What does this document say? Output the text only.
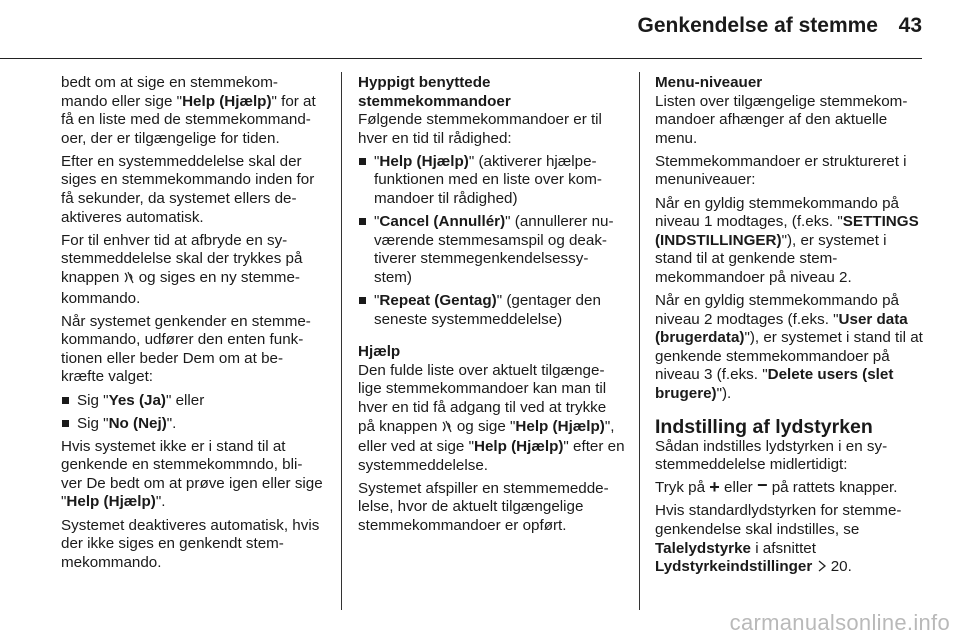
Genkendelse af stemme 43

bedt om at sige en stemmekom-mando eller sige "Help (Hjælp)" for at få en liste med de stemmekommand-oer, der er tilgængelige for tiden.

Efter en systemmeddelelse skal der siges en stemmekommando inden for få sekunder, da systemet ellers de-aktiveres automatisk.

For til enhver tid at afbryde en sy-stemmeddelelse skal der trykkes på knappen  og siges en ny stemme-kommando.

Når systemet genkender en stemme-kommando, udfører den enten funk-tionen eller beder Dem om at be-kræfte valget:

Sig "Yes (Ja)" eller
Sig "No (Nej)".

Hvis systemet ikke er i stand til at genkende en stemmekommndo, bli-ver De bedt om at prøve igen eller sige "Help (Hjælp)".

Systemet deaktiveres automatisk, hvis der ikke siges en genkendt stem-mekommando.

Hyppigt benyttede stemmekommandoer

Følgende stemmekommandoer er til hver en tid til rådighed:

"Help (Hjælp)" (aktiverer hjælpe-funktionen med en liste over kom-mandoer til rådighed)
"Cancel (Annullér)" (annullerer nu-værende stemmesamspil og deak-tiverer stemmegenkendelsessy-stem)
"Repeat (Gentag)" (gentager den seneste systemmeddelelse)

Hjælp

Den fulde liste over aktuelt tilgænge-lige stemmekommandoer kan man til hver en tid få adgang til ved at trykke på knappen  og sige "Help (Hjælp)", eller ved at sige "Help (Hjælp)" efter en systemmeddelelse.

Systemet afspiller en stemmemedde-lelse, hvor de aktuelt tilgængelige stemmekommandoer er opført.

Menu-niveauer

Listen over tilgængelige stemmekom-mandoer afhænger af den aktuelle menu.

Stemmekommandoer er struktureret i menuniveauer:

Når en gyldig stemmekommando på niveau 1 modtages, (f.eks. "SETTINGS (INDSTILLINGER)"), er systemet i stand til at genkende stem-mekommandoer på niveau 2.

Når en gyldig stemmekommando på niveau 2 modtages (f.eks. "User data (brugerdata)"), er systemet i stand til at genkende stemmekommandoer på niveau 3 (f.eks. "Delete users (slet brugere)").

Indstilling af lydstyrken

Sådan indstilles lydstyrken i en sy-stemmeddelelse midlertidigt:

Tryk på + eller − på rattets knapper.

Hvis standardlydstyrken for stemme-genkendelse skal indstilles, se
Talelydstyrke i afsnittet
Lydstyrkeindstillinger  20.

carmanualsonline.info
